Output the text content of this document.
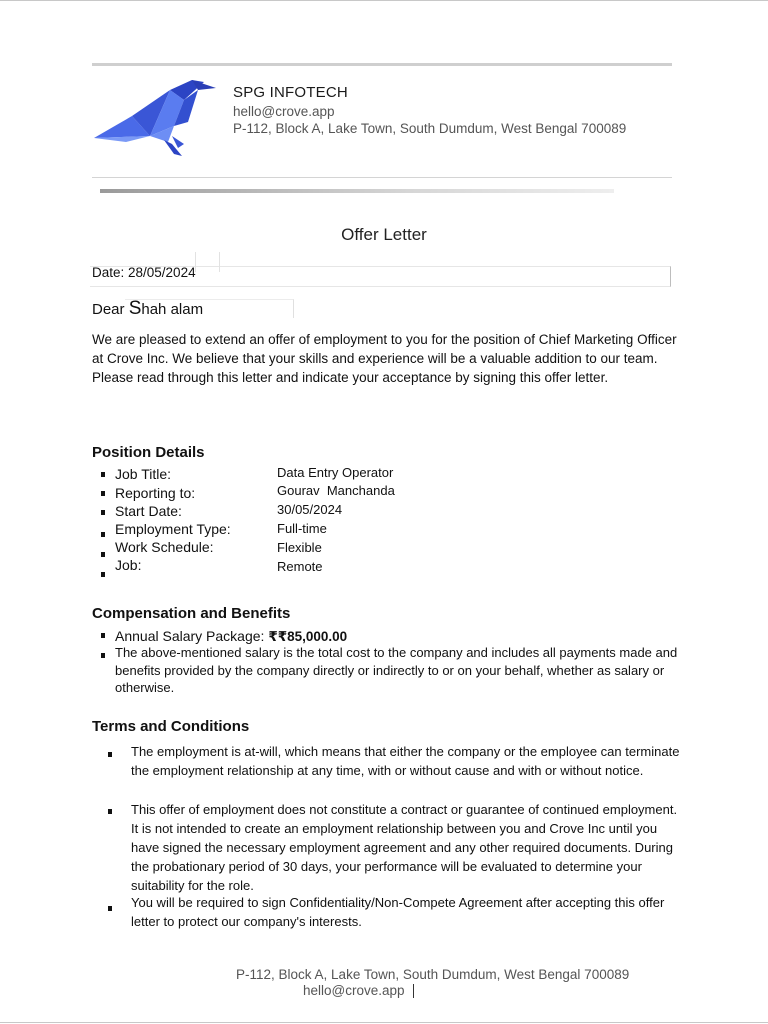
SPG INFOTECH
hello@crove.app
P-112, Block A, Lake Town, South Dumdum, West Bengal 700089
Offer Letter
Date: 28/05/2024
Dear Shah alam
We are pleased to extend an offer of employment to you for the position of Chief Marketing Officer at Crove Inc. We believe that your skills and experience will be a valuable addition to our team. Please read through this letter and indicate your acceptance by signing this offer letter.
Position Details
Job Title:	Data Entry Operator
Reporting to:	Gourav  Manchanda
Start Date:	30/05/2024
Employment Type:	Full-time
Work Schedule:	Flexible
Job:	Remote
Compensation and Benefits
Annual Salary Package: ₹₹85,000.00
The above-mentioned salary is the total cost to the company and includes all payments made and benefits provided by the company directly or indirectly to or on your behalf, whether as salary or otherwise.
Terms and Conditions
The employment is at-will, which means that either the company or the employee can terminate the employment relationship at any time, with or without cause and with or without notice.
This offer of employment does not constitute a contract or guarantee of continued employment. It is not intended to create an employment relationship between you and Crove Inc until you have signed the necessary employment agreement and any other required documents. During the probationary period of 30 days, your performance will be evaluated to determine your suitability for the role.
You will be required to sign Confidentiality/Non-Compete Agreement after accepting this offer letter to protect our company's interests.
P-112, Block A, Lake Town, South Dumdum, West Bengal 700089
hello@crove.app
